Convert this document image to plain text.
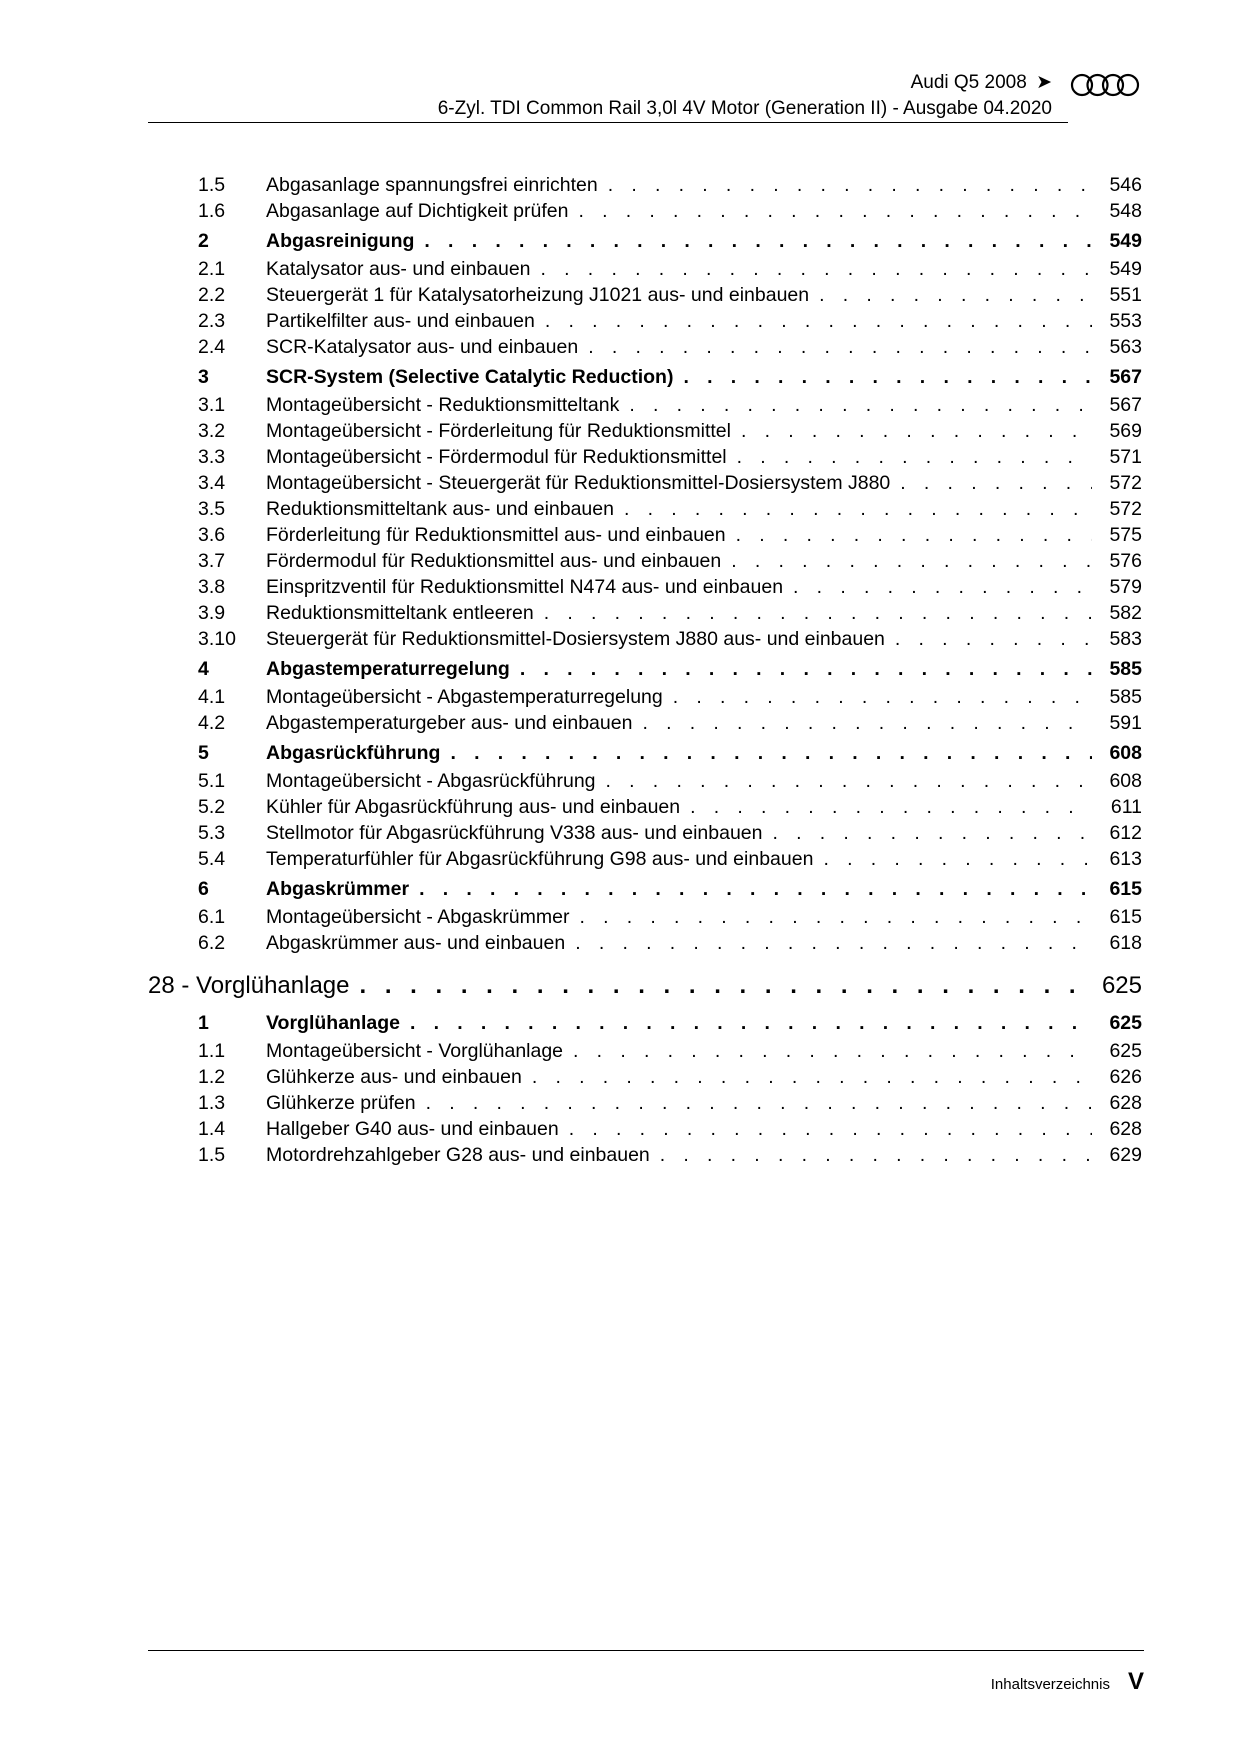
Audi Q5 2008 ➤
6-Zyl. TDI Common Rail 3,0l 4V Motor (Generation II) - Ausgabe 04.2020
1.5	Abgasanlage spannungsfrei einrichten . . .	546
1.6	Abgasanlage auf Dichtigkeit prüfen . . .	548
2	Abgasreinigung . . .	549
2.1	Katalysator aus- und einbauen . . .	549
2.2	Steuergerät 1 für Katalysatorheizung J1021 aus- und einbauen . . .	551
2.3	Partikelfilter aus- und einbauen . . .	553
2.4	SCR-Katalysator aus- und einbauen . . .	563
3	SCR-System (Selective Catalytic Reduction) . . .	567
3.1	Montageübersicht - Reduktionsmitteltank . . .	567
3.2	Montageübersicht - Förderleitung für Reduktionsmittel . . .	569
3.3	Montageübersicht - Fördermodul für Reduktionsmittel . . .	571
3.4	Montageübersicht - Steuergerät für Reduktionsmittel-Dosiersystem J880 . . .	572
3.5	Reduktionsmitteltank aus- und einbauen . . .	572
3.6	Förderleitung für Reduktionsmittel aus- und einbauen . . .	575
3.7	Fördermodul für Reduktionsmittel aus- und einbauen . . .	576
3.8	Einspritzventil für Reduktionsmittel N474 aus- und einbauen . . .	579
3.9	Reduktionsmitteltank entleeren . . .	582
3.10	Steuergerät für Reduktionsmittel-Dosiersystem J880 aus- und einbauen . . .	583
4	Abgastemperaturregelung . . .	585
4.1	Montageübersicht - Abgastemperaturregelung . . .	585
4.2	Abgastemperaturgeber aus- und einbauen . . .	591
5	Abgasrückführung . . .	608
5.1	Montageübersicht - Abgasrückführung . . .	608
5.2	Kühler für Abgasrückführung aus- und einbauen . . .	611
5.3	Stellmotor für Abgasrückführung V338 aus- und einbauen . . .	612
5.4	Temperaturfühler für Abgasrückführung G98 aus- und einbauen . . .	613
6	Abgaskrümmer . . .	615
6.1	Montageübersicht - Abgaskrümmer . . .	615
6.2	Abgaskrümmer aus- und einbauen . . .	618
28 - Vorglühanlage . . .	625
1	Vorglühanlage . . .	625
1.1	Montageübersicht - Vorglühanlage . . .	625
1.2	Glühkerze aus- und einbauen . . .	626
1.3	Glühkerze prüfen . . .	628
1.4	Hallgeber G40 aus- und einbauen . . .	628
1.5	Motordrehzahlgeber G28 aus- und einbauen . . .	629
Inhaltsverzeichnis V
